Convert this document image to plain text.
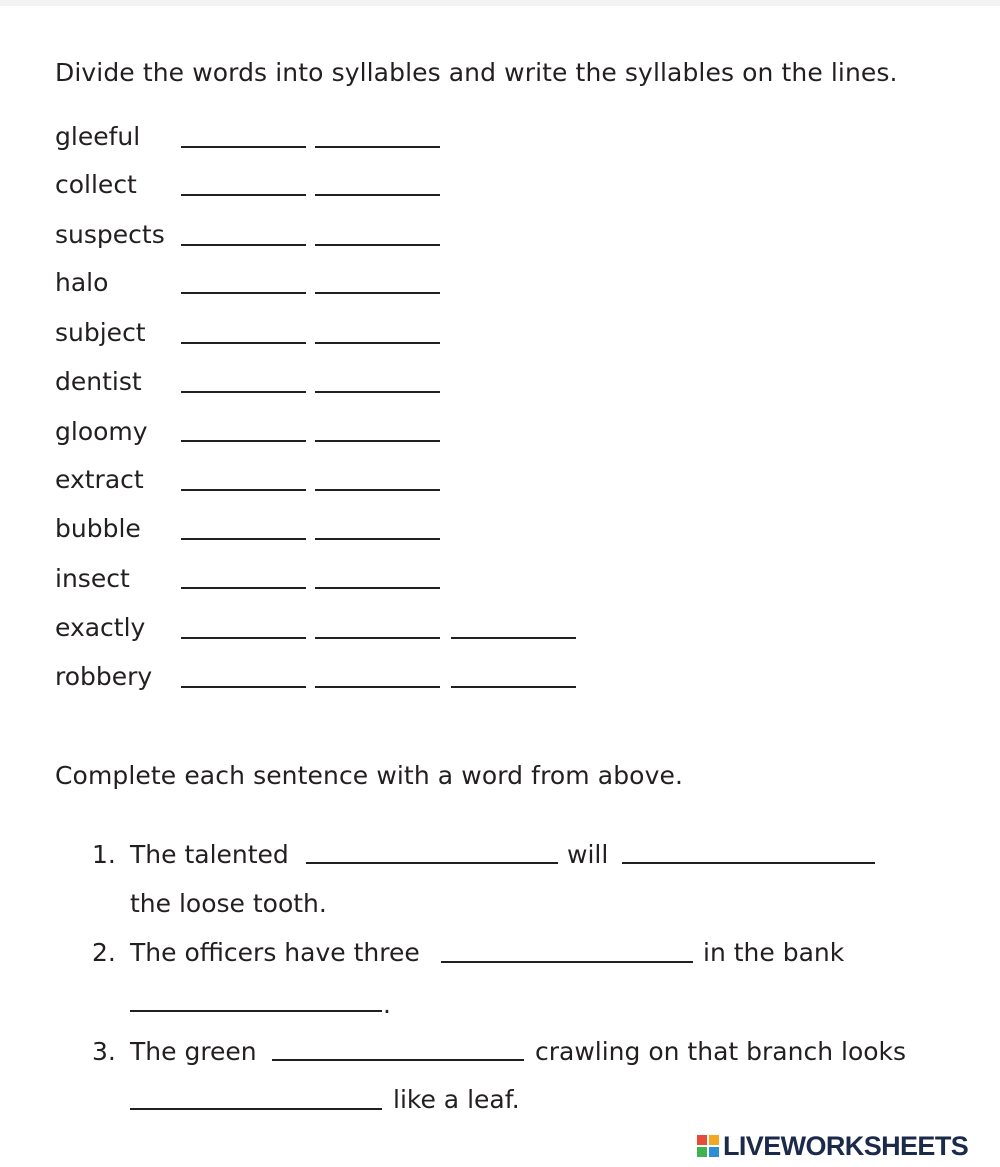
Divide the words into syllables and write the syllables on the lines.
gleeful
collect
suspects
halo
subject
dentist
gloomy
extract
bubble
insect
exactly
robbery
Complete each sentence with a word from above.
1. The talented	will
the loose tooth.
2. The officers have three	in the bank
.
3. The green	crawling on that branch looks
like a leaf.
LIVEWORKSHEETS
